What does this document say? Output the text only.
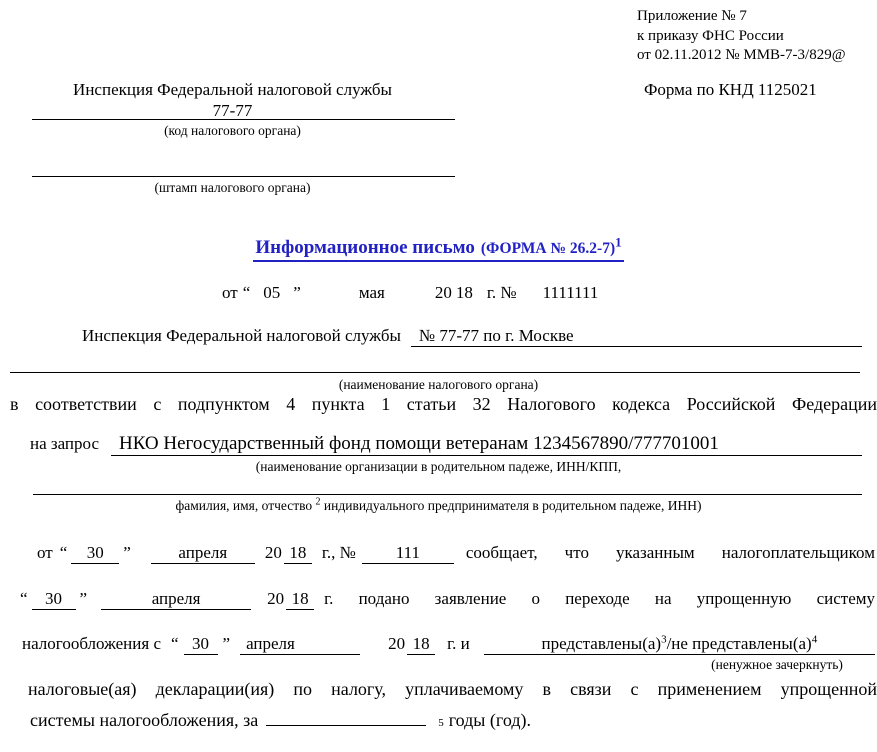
Приложение № 7
к приказу ФНС России
от 02.11.2012 № ММВ-7-3/829@
Инспекция Федеральной налоговой службы	Форма по КНД 1125021
77-77
(код налогового органа)
(штамп налогового органа)
Информационное письмо (ФОРМА № 26.2-7)$^1$
от “ 05 ”	мая	20 18 г. № 1111111
Инспекция Федеральной налоговой службы	№ 77-77 по г. Москве
(наименование налогового органа)
в соответствии с подпунктом 4 пункта 1 статьи 32 Налогового кодекса Российской Федерации
на запрос	НКО Негосударственный фонд помощи ветеранам 1234567890/777701001
(наименование организации в родительном падеже, ИНН/КПП,
фамилия, имя, отчество $^2$ индивидуального предпринимателя в родительном падеже, ИНН)
от “	30	”	апреля	20 18 г., №	111	сообщает, что указанным налогоплательщиком
“	30	”	апреля	20 18 г. подано заявление о переходе на упрощенную систему
налогообложения с “ 30 ” апреля	20 18	г. и	$представлены(а)^3/не$ $представлены(а)^4$
(ненужное зачеркнуть)
налоговые(ая) декларации(ия) по налогу, уплачиваемому в связи с применением упрощенной
системы налогообложения, за	5 годы (год).
